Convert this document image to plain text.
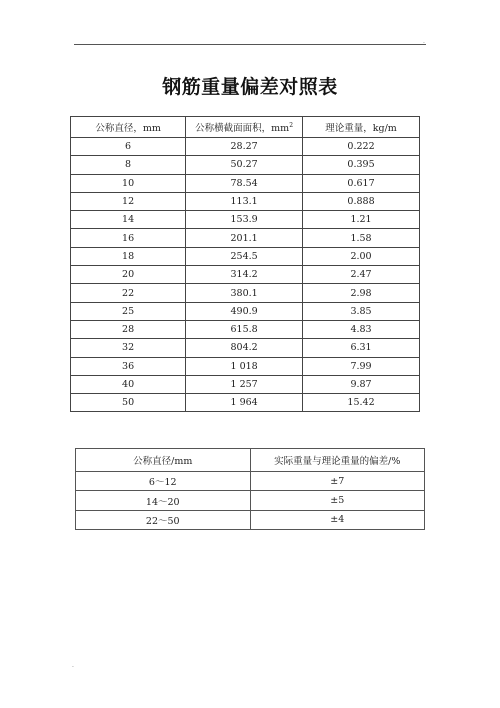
.
钢筋重量偏差对照表
公称直径，mm	公称横截面面积，$mm^2$	理论重量，kg/m
6	28.27	0.222
8	50.27	0.395
10	78.54	0.617
12	113.1	0.888
14	153.9	1.21
16	201.1	1.58
18	254.5	2.00
20	314.2	2.47
22	380.1	2.98
25	490.9	3.85
28	615.8	4.83
32	804.2	6.31
36	1 018	7.99
40	1 257	9.87
50	1 964	15.42
公称直径/mm	实际重量与理论重量的偏差/%
6～12	±7
14～20	±5
22～50	±4
.
